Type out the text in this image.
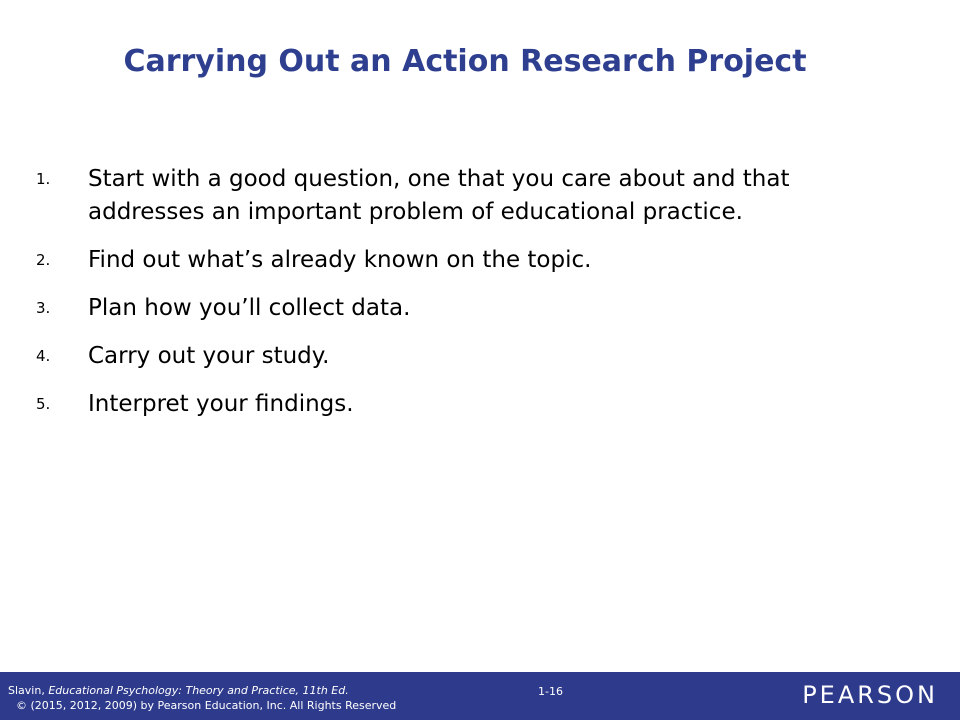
Carrying Out an Action Research Project
1.	Start with a good question, one that you care about and that addresses an important problem of educational practice.
2.	Find out what’s already known on the topic.
3.	Plan how you’ll collect data.
4.	Carry out your study.
5.	Interpret your findings.
Slavin, Educational Psychology: Theory and Practice, 11th Ed.
© (2015, 2012, 2009) by Pearson Education, Inc. All Rights Reserved
1-16	PEARSON
